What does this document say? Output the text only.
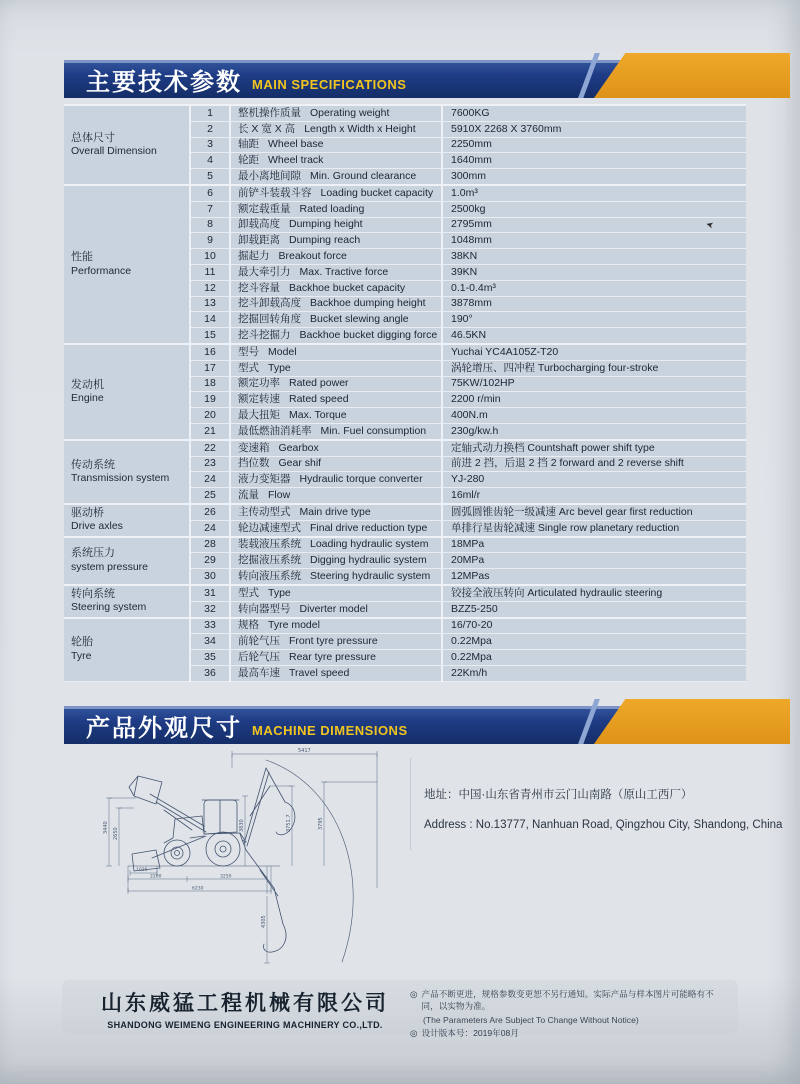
主要技术参数 MAIN SPECIFICATIONS
总体尺寸
Overall Dimension	1	整机操作质量 Operating weight	7600KG
	2	长 X 宽 X 高 Length x Width x Height	5910X 2268 X 3760mm
	3	轴距 Wheel base	2250mm
	4	轮距 Wheel track	1640mm
	5	最小离地间隙 Min. Ground clearance	300mm

性能
Performance	6	前铲斗装载斗容 Loading bucket capacity	1.0m³
	7	额定载重量 Rated loading	2500kg
	8	卸载高度 Dumping height	2795mm
	9	卸载距离 Dumping reach	1048mm
	10	掘起力 Breakout force	38KN
	11	最大牵引力 Max. Tractive force	39KN
	12	挖斗容量 Backhoe bucket capacity	0.1-0.4m³
	13	挖斗卸载高度 Backhoe dumping height	3878mm
	14	挖掘回转角度 Bucket slewing angle	190°
	15	挖斗挖掘力 Backhoe bucket digging force	46.5KN

发动机
Engine	16	型号 Model	Yuchai YC4A105Z-T20
	17	型式 Type	涡轮增压、四冲程 Turbocharging four-stroke
	18	额定功率 Rated power	75KW/102HP
	19	额定转速 Rated speed	2200 r/min
	20	最大扭矩 Max. Torque	400N.m
	21	最低燃油消耗率 Min. Fuel consumption	230g/kw.h

传动系统
Transmission system	22	变速箱 Gearbox	定轴式动力换档 Countshaft power shift type
	23	挡位数 Gear shif	前进 2 挡，后退 2 挡 2 forward and 2 reverse shift
	24	液力变矩器 Hydraulic torque converter	YJ-280
	25	流量 Flow	16ml/r

驱动桥
Drive axles	26	主传动型式 Main drive type	圆弧圆锥齿轮一级减速 Arc bevel gear first reduction
	24	轮边减速型式 Final drive reduction type	单排行星齿轮减速 Single row planetary reduction

系统压力
system pressure	28	装载液压系统 Loading hydraulic system	18MPa
	29	挖掘液压系统 Digging hydraulic system	20MPa
	30	转向液压系统 Steering hydraulic system	12MPas

转向系统
Steering system	31	型式 Type	铰接全液压转向 Articulated hydraulic steering
	32	转向器型号 Diverter model	BZZ5-250

轮胎
Tyre	33	规格 Tyre model	16/70-20
	34	前轮气压 Front tyre pressure	0.22Mpa
	35	后轮气压 Rear tyre pressure	0.22Mpa
	36	最高车速 Travel speed	22Km/h
➤
产品外观尺寸 MACHINE DIMENSIONS
5417
3440 2650
3830	3751.7	3795
1025
2200	3250
6230
4305
地址：中国·山东省青州市云门山南路（原山工西厂）
Address : No.13777, Nanhuan Road, Qingzhou City, Shandong, China
山东威猛工程机械有限公司
SHANDONG WEIMENG ENGINEERING MACHINERY CO.,LTD.
◎ 产品不断更进，规格参数变更恕不另行通知。实际产品与样本图片可能略有不同，以实物为准。
(The Parameters Are Subject To Change Without Notice)
◎ 设计版本号：2019年08月
